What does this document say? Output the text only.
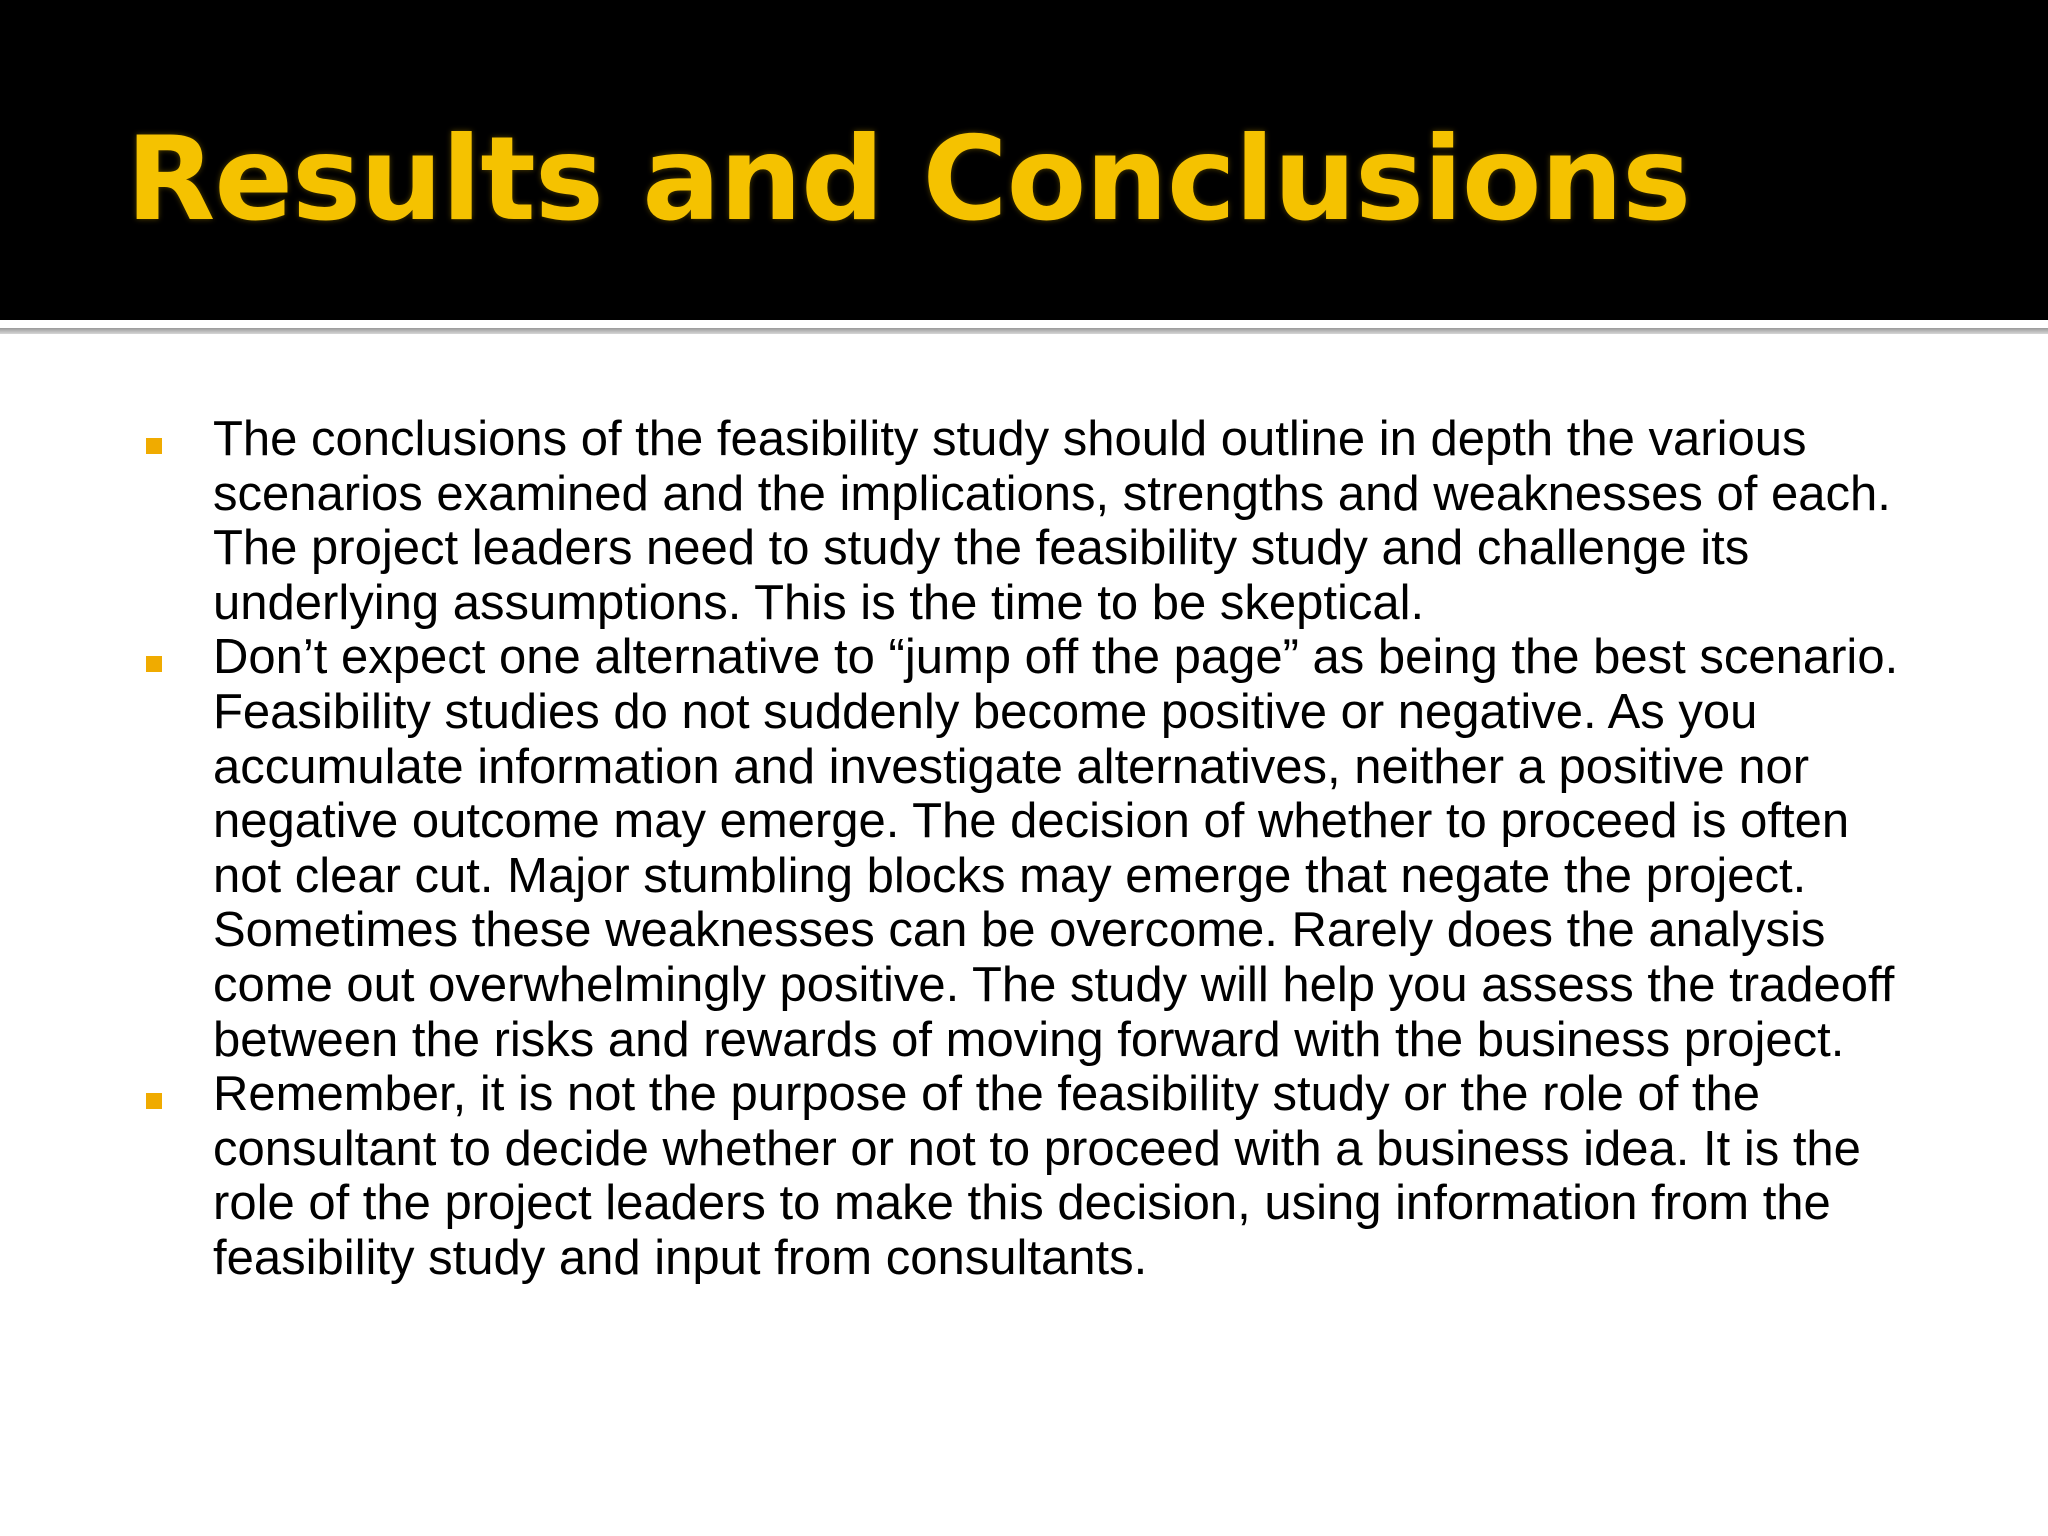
Results and Conclusions
The conclusions of the feasibility study should outline in depth the various scenarios examined and the implications, strengths and weaknesses of each. The project leaders need to study the feasibility study and challenge its underlying assumptions. This is the time to be skeptical.
Don’t expect one alternative to “jump off the page” as being the best scenario. Feasibility studies do not suddenly become positive or negative. As you accumulate information and investigate alternatives, neither a positive nor negative outcome may emerge. The decision of whether to proceed is often not clear cut. Major stumbling blocks may emerge that negate the project. Sometimes these weaknesses can be overcome. Rarely does the analysis come out overwhelmingly positive. The study will help you assess the tradeoff between the risks and rewards of moving forward with the business project.
Remember, it is not the purpose of the feasibility study or the role of the consultant to decide whether or not to proceed with a business idea. It is the role of the project leaders to make this decision, using information from the feasibility study and input from consultants.
